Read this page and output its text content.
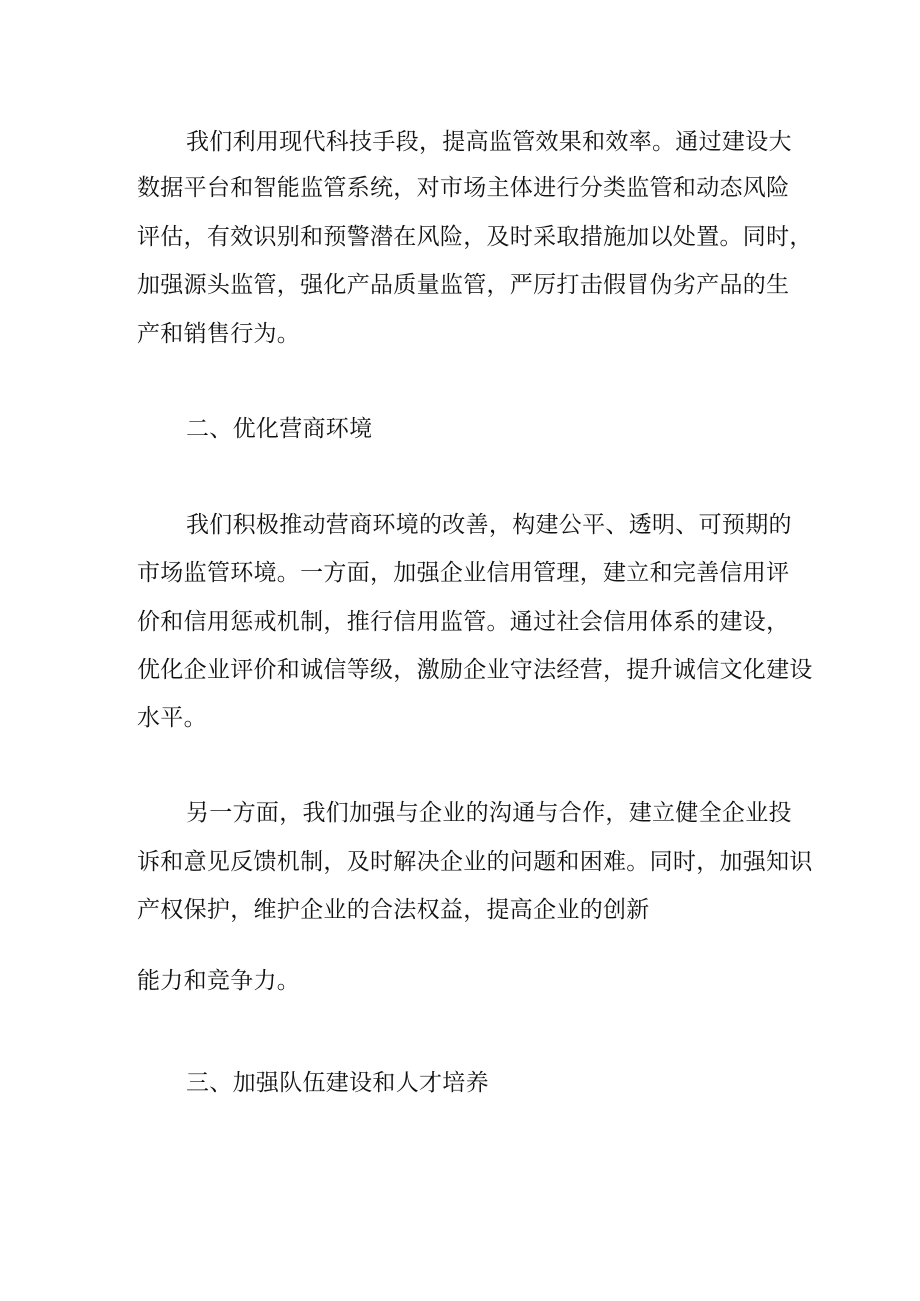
我们利用现代科技手段，提高监管效果和效率。通过建设大
数据平台和智能监管系统，对市场主体进行分类监管和动态风险
评估，有效识别和预警潜在风险，及时采取措施加以处置。同时，
加强源头监管，强化产品质量监管，严厉打击假冒伪劣产品的生
产和销售行为。
二、优化营商环境
我们积极推动营商环境的改善，构建公平、透明、可预期的
市场监管环境。一方面，加强企业信用管理，建立和完善信用评
价和信用惩戒机制，推行信用监管。通过社会信用体系的建设，
优化企业评价和诚信等级，激励企业守法经营，提升诚信文化建设
水平。
另一方面，我们加强与企业的沟通与合作，建立健全企业投
诉和意见反馈机制，及时解决企业的问题和困难。同时，加强知识
产权保护，维护企业的合法权益，提高企业的创新
能力和竞争力。
三、加强队伍建设和人才培养
